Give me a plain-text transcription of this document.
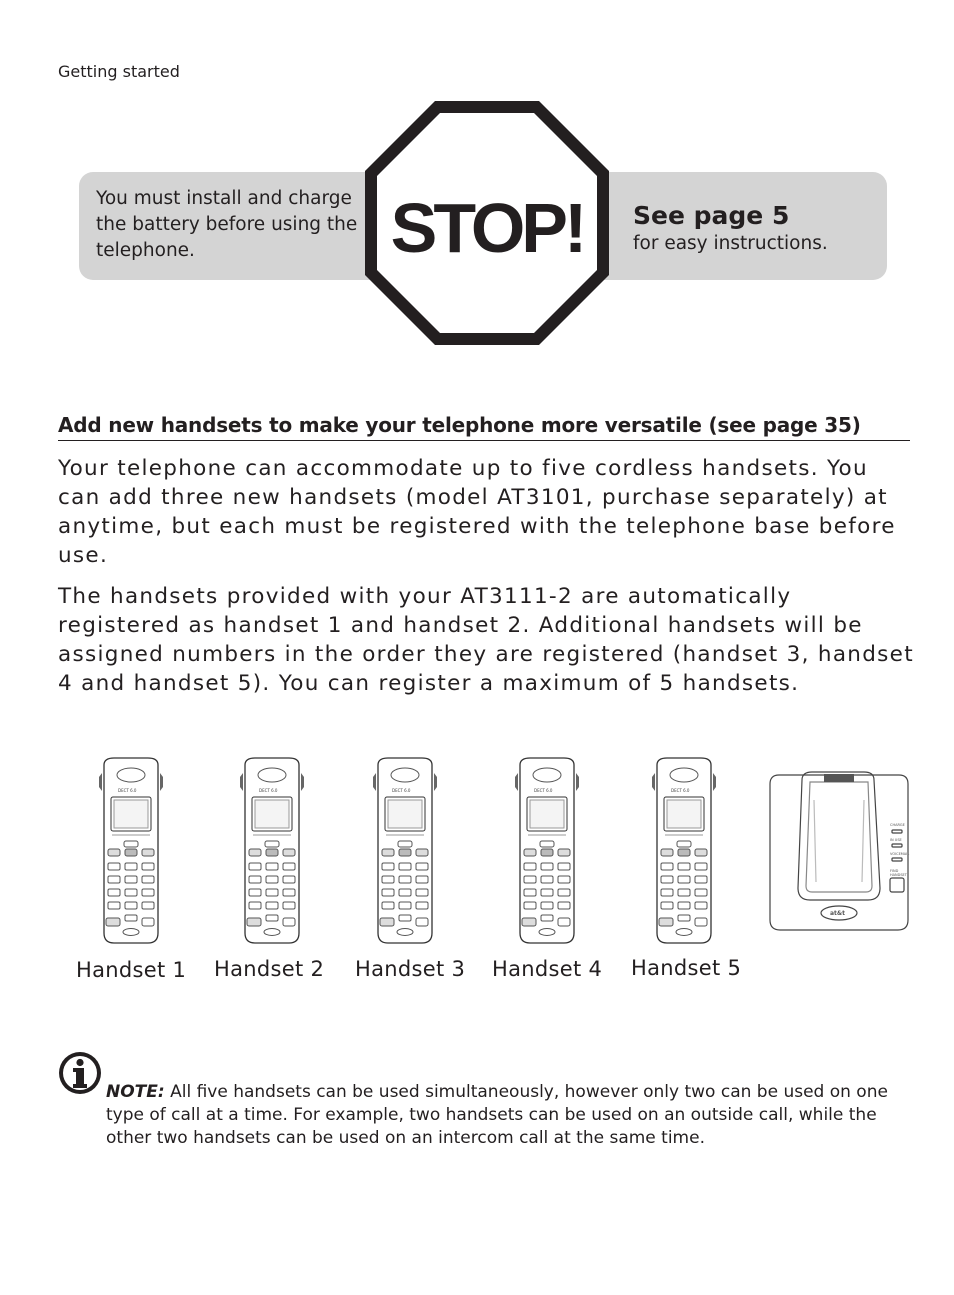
Getting started
You must install and charge the battery before using the telephone.	STOP!	See page 5
for easy instructions.
Add new handsets to make your telephone more versatile (see page 35)

Your telephone can accommodate up to five cordless handsets. You can add three new handsets (model AT3101, purchase separately) at anytime, but each must be registered with the telephone base before use.

The handsets provided with your AT3111-2 are automatically registered as handset 1 and handset 2. Additional handsets will be assigned numbers in the order they are registered (handset 3, handset 4 and handset 5). You can register a maximum of 5 handsets.

CHARGE
IN USE
VOICEMAIL
FIND
HANDSET
at&t
Handset 1 Handset 2 Handset 3 Handset 4 Handset 5

NOTE: All five handsets can be used simultaneously, however only two can be used on one type of call at a time. For example, two handsets can be used on an outside call, while the other two handsets can be used on an intercom call at the same time.
